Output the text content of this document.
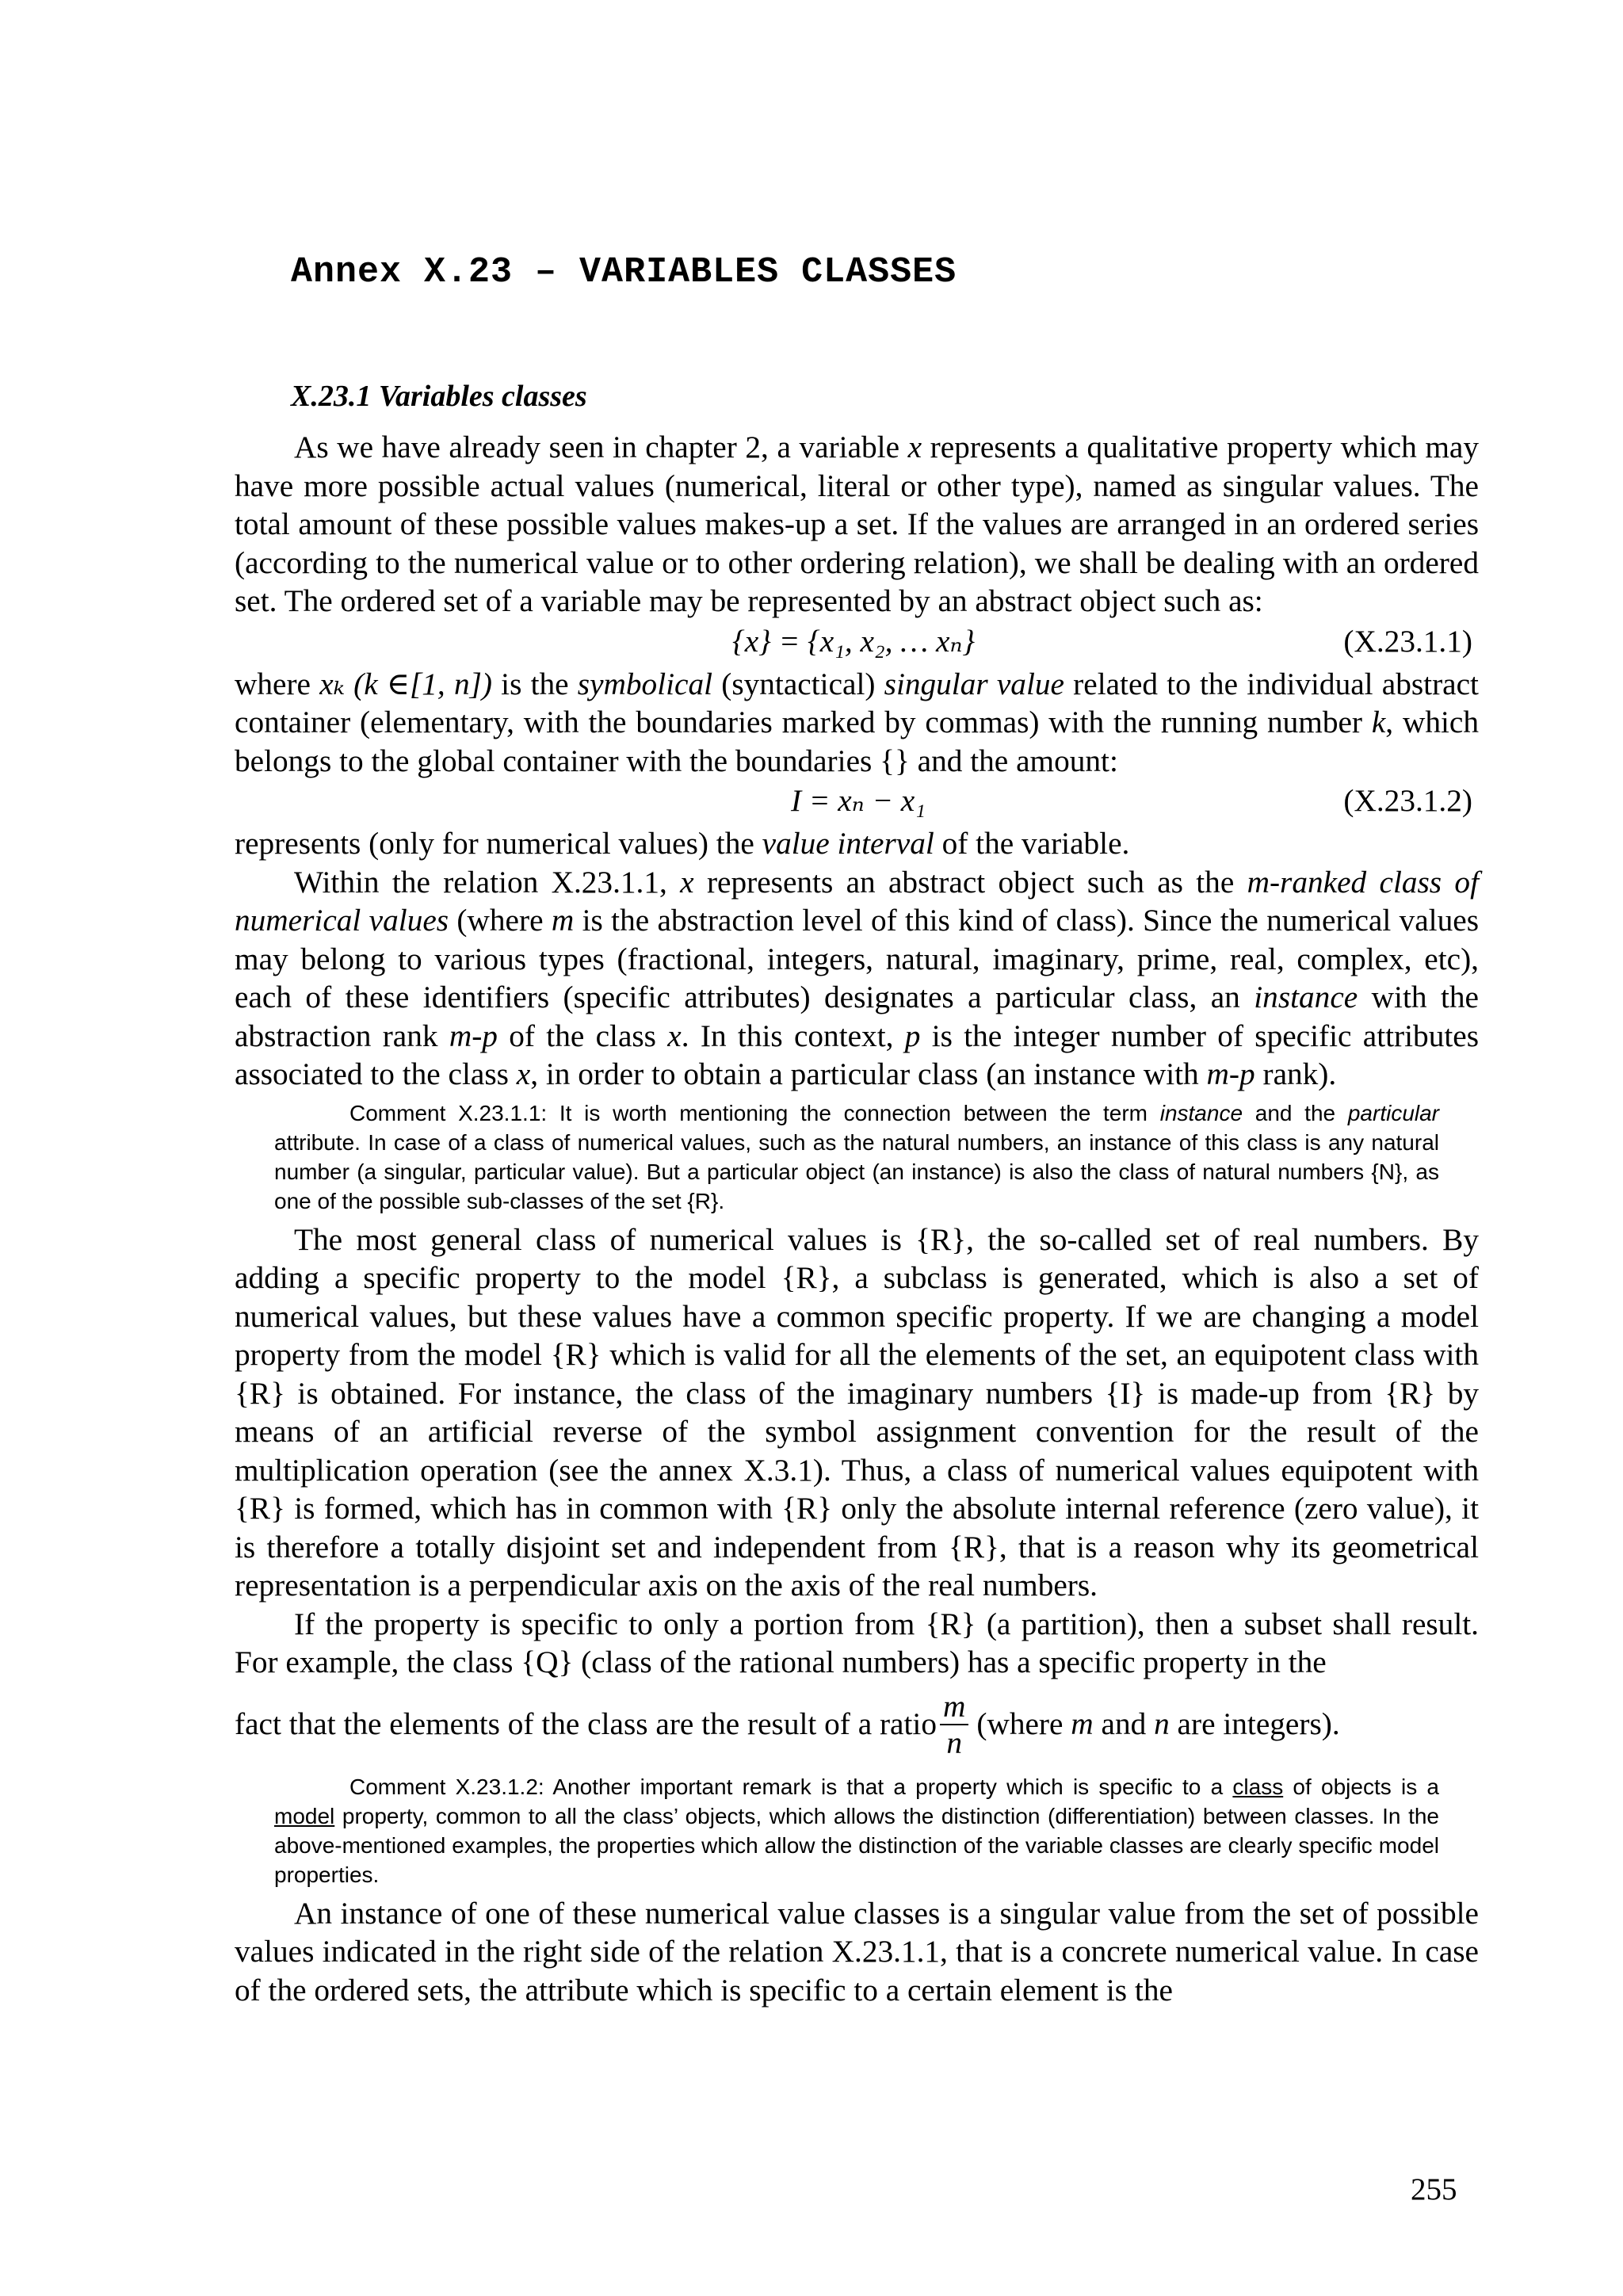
Annex X.23 – VARIABLES CLASSES
X.23.1 Variables classes

As we have already seen in chapter 2, a variable x represents a qualitative property which may have more possible actual values (numerical, literal or other type), named as singular values. The total amount of these possible values makes-up a set. If the values are arranged in an ordered series (according to the numerical value or to other ordering relation), we shall be dealing with an ordered set. The ordered set of a variable may be represented by an abstract object such as:

{x} = {x₁, x₂, … xₙ}	(X.23.1.1)

where xₖ (k ∈[1, n]) is the symbolical (syntactical) singular value related to the individual abstract container (elementary, with the boundaries marked by commas) with the running number k, which belongs to the global container with the boundaries {} and the amount:

I = xₙ − x₁	(X.23.1.2)

represents (only for numerical values) the value interval of the variable.

Within the relation X.23.1.1, x represents an abstract object such as the m-ranked class of numerical values (where m is the abstraction level of this kind of class). Since the numerical values may belong to various types (fractional, integers, natural, imaginary, prime, real, complex, etc), each of these identifiers (specific attributes) designates a particular class, an instance with the abstraction rank m-p of the class x. In this context, p is the integer number of specific attributes associated to the class x, in order to obtain a particular class (an instance with m-p rank).

Comment X.23.1.1: It is worth mentioning the connection between the term instance and the particular attribute. In case of a class of numerical values, such as the natural numbers, an instance of this class is any natural number (a singular, particular value). But a particular object (an instance) is also the class of natural numbers {N}, as one of the possible sub-classes of the set {R}.

The most general class of numerical values is {R}, the so-called set of real numbers. By adding a specific property to the model {R}, a subclass is generated, which is also a set of numerical values, but these values have a common specific property. If we are changing a model property from the model {R} which is valid for all the elements of the set, an equipotent class with {R} is obtained. For instance, the class of the imaginary numbers {I} is made-up from {R} by means of an artificial reverse of the symbol assignment convention for the result of the multiplication operation (see the annex X.3.1). Thus, a class of numerical values equipotent with {R} is formed, which has in common with {R} only the absolute internal reference (zero value), it is therefore a totally disjoint set and independent from {R}, that is a reason why its geometrical representation is a perpendicular axis on the axis of the real numbers.

If the property is specific to only a portion from {R} (a partition), then a subset shall result. For example, the class {Q} (class of the rational numbers) has a specific property in the

fact that the elements of the class are the result of a ratio $\frac{m}{n}$ (where m and n are integers).
Comment X.23.1.2: Another important remark is that a property which is specific to a class of objects is a model property, common to all the class’ objects, which allows the distinction (differentiation) between classes. In the above-mentioned examples, the properties which allow the distinction of the variable classes are clearly specific model properties.

An instance of one of these numerical value classes is a singular value from the set of possible values indicated in the right side of the relation X.23.1.1, that is a concrete numerical value. In case of the ordered sets, the attribute which is specific to a certain element is the

255
